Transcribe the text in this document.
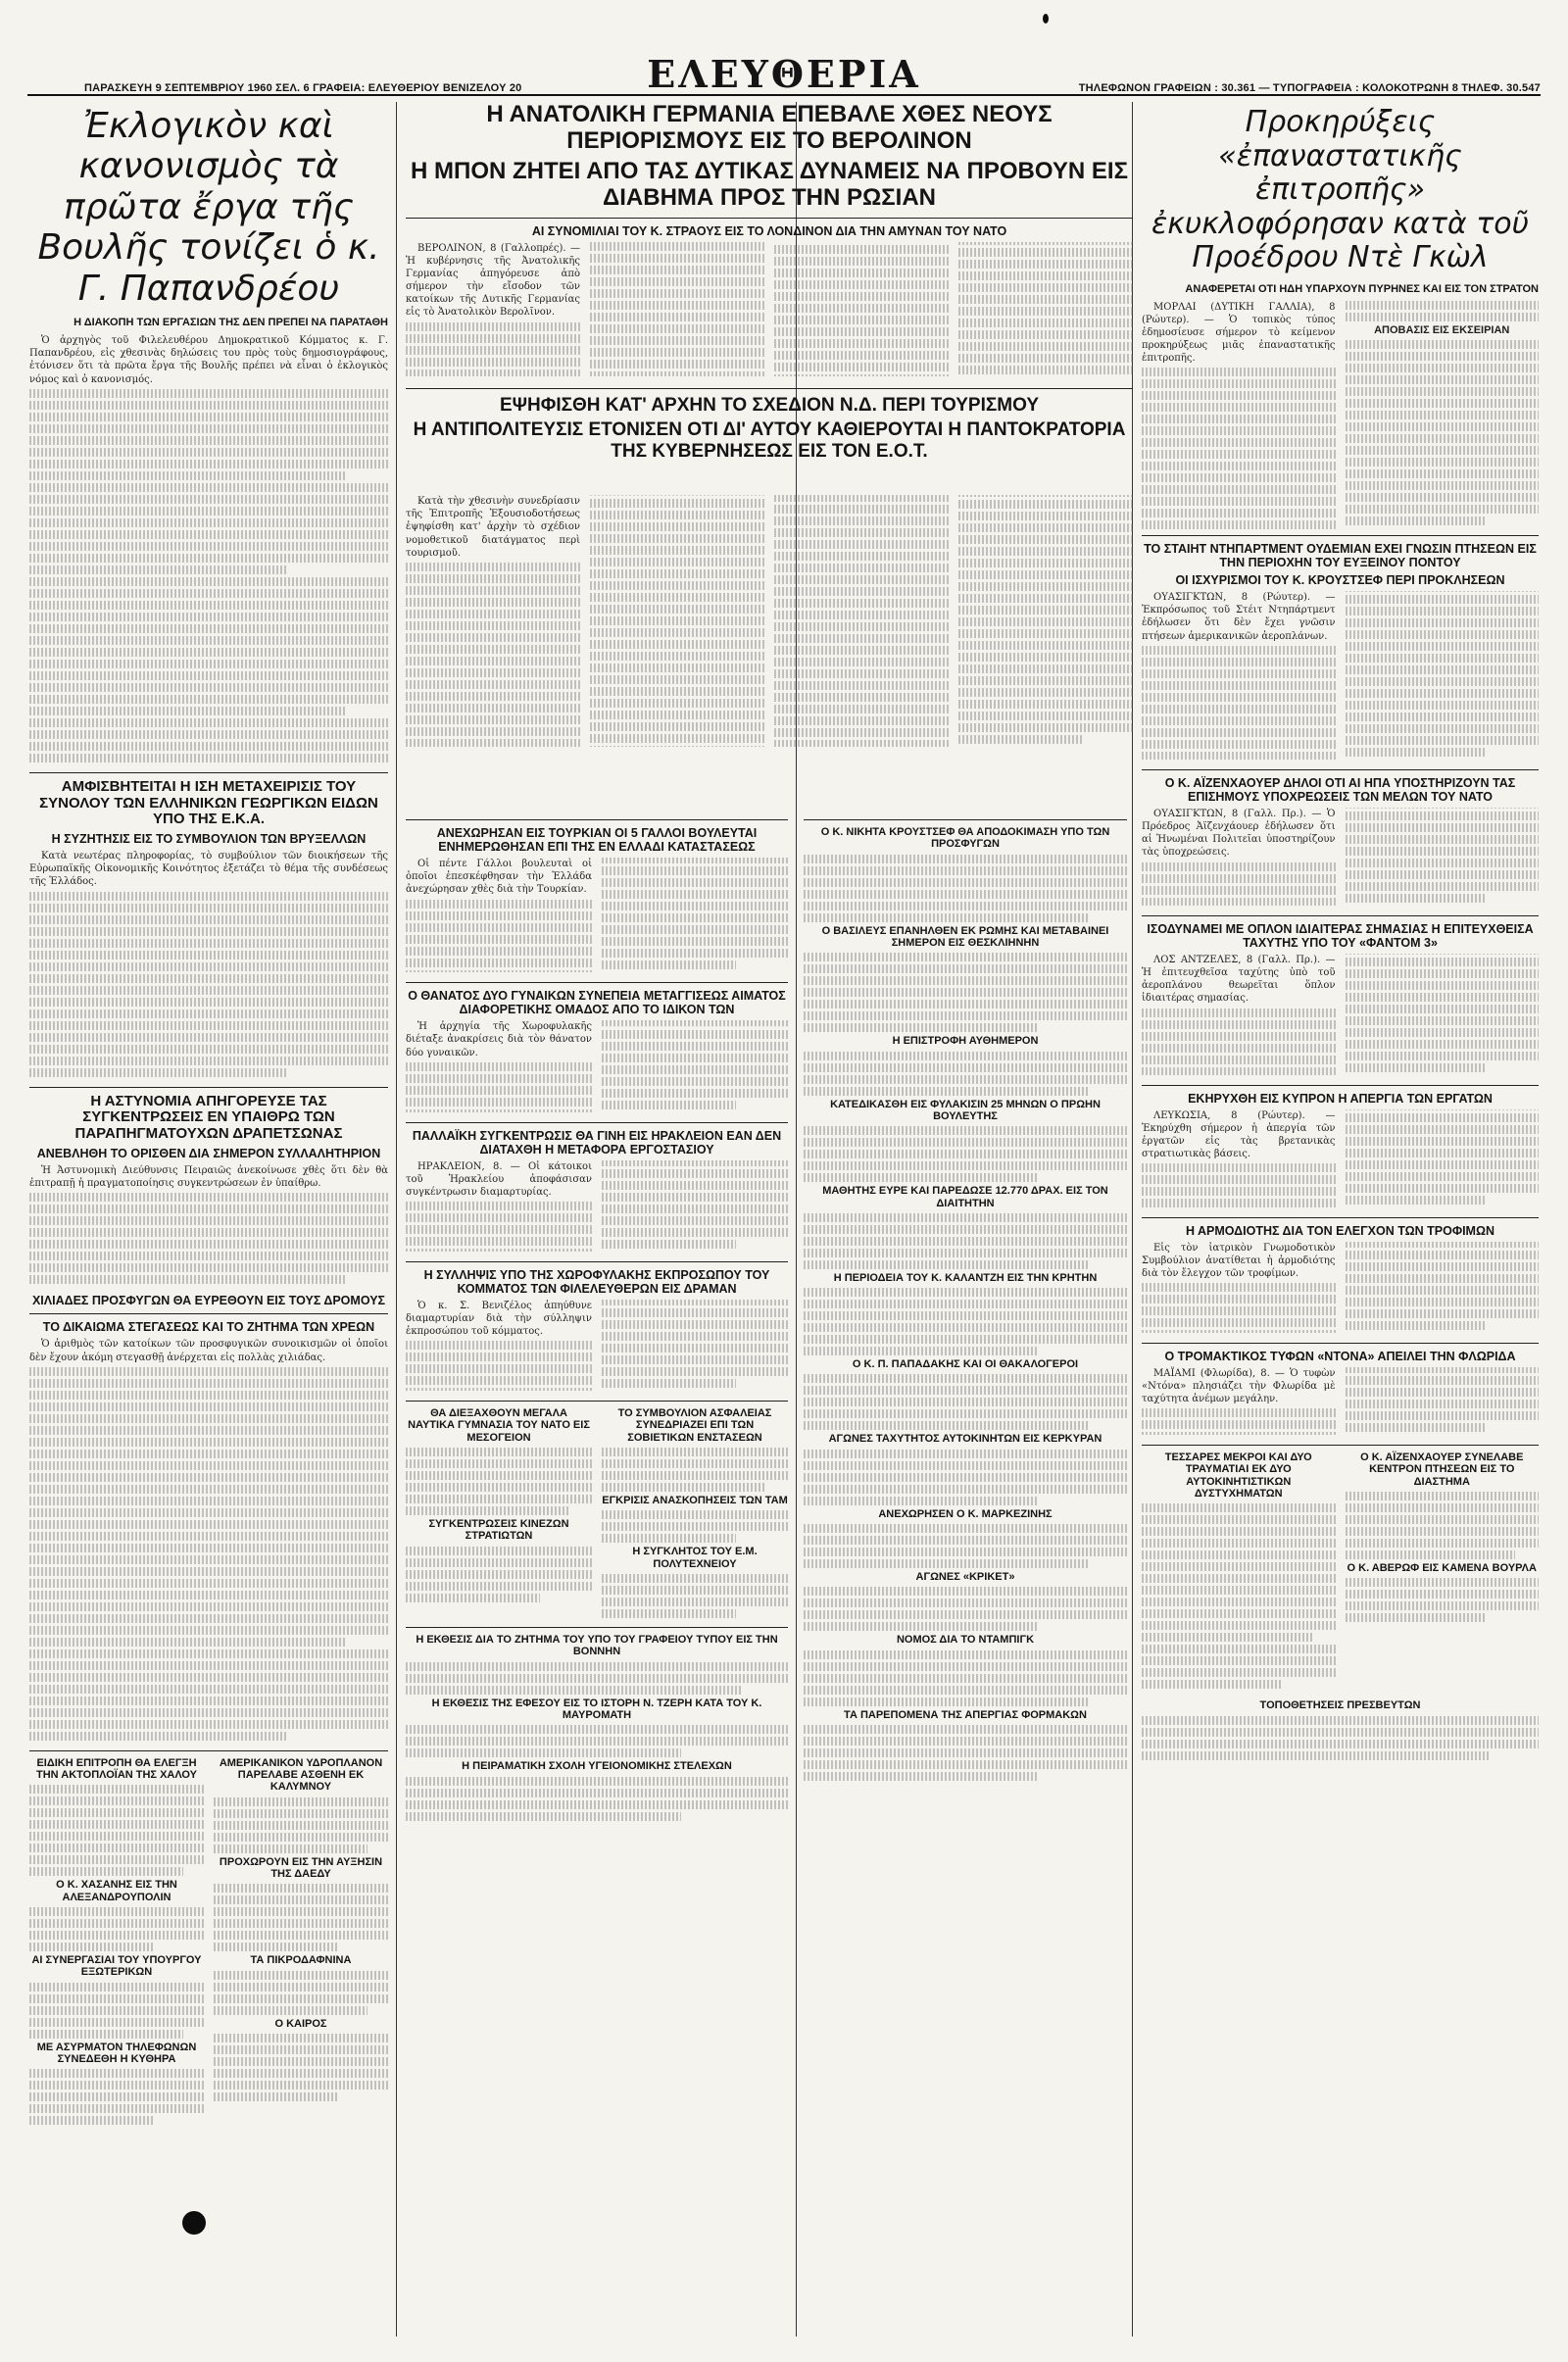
ΠΑΡΑΣΚΕΥΗ 9 ΣΕΠΤΕΜΒΡΙΟΥ 1960 ΣΕΛ. 6 ΓΡΑΦΕΙΑ: ΕΛΕΥΘΕΡΙΟΥ ΒΕΝΙΖΕΛΟΥ 20	ΕΛΕΥΘΕΡΙΑ	ΤΗΛΕΦΩΝΟΝ ΓΡΑΦΕΙΩΝ : 30.361 — ΤΥΠΟΓΡΑΦΕΙΑ : ΚΟΛΟΚΟΤΡΩΝΗ 8 ΤΗΛΕΦ. 30.547
Ἐκλογικὸν καὶ κανονισμὸς τὰ πρῶτα ἔργα τῆς Βουλῆς τονίζει ὁ κ. Γ. Παπανδρέου
Η ΔΙΑΚΟΠΗ ΤΩΝ ΕΡΓΑΣΙΩΝ ΤΗΣ ΔΕΝ ΠΡΕΠΕΙ ΝΑ ΠΑΡΑΤΑΘΗ

Ὁ ἀρχηγὸς τοῦ Φιλελευθέρου Δημοκρατικοῦ Κόμματος κ. Γ. Παπανδρέου, εἰς χθεσινὰς δηλώσεις του πρὸς τοὺς δημοσιογράφους, ἐτόνισεν ὅτι τὰ πρῶτα ἔργα τῆς Βουλῆς πρέπει νὰ εἶναι ὁ ἐκλογικὸς νόμος καὶ ὁ κανονισμός.

ΑΜΦΙΣΒΗΤΕΙΤΑΙ Η ΙΣΗ ΜΕΤΑΧΕΙΡΙΣΙΣ ΤΟΥ ΣΥΝΟΛΟΥ ΤΩΝ ΕΛΛΗΝΙΚΩΝ ΓΕΩΡΓΙΚΩΝ ΕΙΔΩΝ ΥΠΟ ΤΗΣ Ε.Κ.Α.
Η ΣΥΖΗΤΗΣΙΣ ΕΙΣ ΤΟ ΣΥΜΒΟΥΛΙΟΝ ΤΩΝ ΒΡΥΞΕΛΛΩΝ

Κατὰ νεωτέρας πληροφορίας, τὸ συμβούλιον τῶν διοικήσεων τῆς Εὐρωπαϊκῆς Οἰκονομικῆς Κοινότητος ἐξετάζει τὸ θέμα τῆς συνδέσεως τῆς Ἑλλάδος.

Η ΑΣΤΥΝΟΜΙΑ ΑΠΗΓΟΡΕΥΣΕ ΤΑΣ ΣΥΓΚΕΝΤΡΩΣΕΙΣ ΕΝ ΥΠΑΙΘΡΩ ΤΩΝ ΠΑΡΑΠΗΓΜΑΤΟΥΧΩΝ ΔΡΑΠΕΤΣΩΝΑΣ
ΑΝΕΒΛΗΘΗ ΤΟ ΟΡΙΣΘΕΝ ΔΙΑ ΣΗΜΕΡΟΝ ΣΥΛΛΑΛΗΤΗΡΙΟΝ

Ἡ Ἀστυνομικὴ Διεύθυνσις Πειραιῶς ἀνεκοίνωσε χθὲς ὅτι δὲν θὰ ἐπιτραπῇ ἡ πραγματοποίησις συγκεντρώσεων ἐν ὑπαίθρω.

ΧΙΛΙΑΔΕΣ ΠΡΟΣΦΥΓΩΝ ΘΑ ΕΥΡΕΘΟΥΝ ΕΙΣ ΤΟΥΣ ΔΡΟΜΟΥΣ
ΤΟ ΔΙΚΑΙΩΜΑ ΣΤΕΓΑΣΕΩΣ ΚΑΙ ΤΟ ΖΗΤΗΜΑ ΤΩΝ ΧΡΕΩΝ

Ὁ ἀριθμὸς τῶν κατοίκων τῶν προσφυγικῶν συνοικισμῶν οἱ ὁποῖοι δὲν ἔχουν ἀκόμη στεγασθῇ ἀνέρχεται εἰς πολλὰς χιλιάδας.

ΕΙΔΙΚΗ ΕΠΙΤΡΟΠΗ ΘΑ ΕΛΕΓΞΗ ΤΗΝ ΑΚΤΟΠΛΟΪΑΝ ΤΗΣ ΧΑΛΟΥ
Ο Κ. ΧΑΣΑΝΗΣ ΕΙΣ ΤΗΝ ΑΛΕΞΑΝΔΡΟΥΠΟΛΙΝ
ΑΙ ΣΥΝΕΡΓΑΣΙΑΙ ΤΟΥ ΥΠΟΥΡΓΟΥ ΕΞΩΤΕΡΙΚΩΝ
ΜΕ ΑΣΥΡΜΑΤΟΝ ΤΗΛΕΦΩΝΩΝ ΣΥΝΕΔΕΘΗ Η ΚΥΘΗΡΑ
ΑΜΕΡΙΚΑΝΙΚΟΝ ΥΔΡΟΠΛΑΝΟΝ ΠΑΡΕΛΑΒΕ ΑΣΘΕΝΗ ΕΚ ΚΑΛΥΜΝΟΥ
ΠΡΟΧΩΡΟΥΝ ΕΙΣ ΤΗΝ ΑΥΞΗΣΙΝ ΤΗΣ ΔΑΕΔΥ
ΤΑ ΠΙΚΡΟΔΑΦΝΙΝΑ
Ο ΚΑΙΡΟΣ
Η ΑΝΑΤΟΛΙΚΗ ΓΕΡΜΑΝΙΑ ΕΠΕΒΑΛΕ ΧΘΕΣ ΝΕΟΥΣ ΠΕΡΙΟΡΙΣΜΟΥΣ ΕΙΣ ΤΟ ΒΕΡΟΛΙΝΟΝ
Η ΜΠΟΝ ΖΗΤΕΙ ΑΠΟ ΤΑΣ ΔΥΤΙΚΑΣ ΔΥΝΑΜΕΙΣ ΝΑ ΠΡΟΒΟΥΝ ΕΙΣ ΔΙΑΒΗΜΑ ΠΡΟΣ ΤΗΝ ΡΩΣΙΑΝ
ΑΙ ΣΥΝΟΜΙΛΙΑΙ ΤΟΥ Κ. ΣΤΡΑΟΥΣ ΕΙΣ ΤΟ ΛΟΝΔΙΝΟΝ ΔΙΑ ΤΗΝ ΑΜΥΝΑΝ ΤΟΥ ΝΑΤΟ

ΒΕΡΟΛΙΝΟΝ, 8 (Γαλλοπρές). — Ἡ κυβέρνησις τῆς Ἀνατολικῆς Γερμανίας ἀπηγόρευσε ἀπὸ σήμερον τὴν εἴσοδον τῶν κατοίκων τῆς Δυτικῆς Γερμανίας εἰς τὸ Ἀνατολικὸν Βερολῖνον.

Προκηρύξεις «ἐπαναστατικῆς ἐπιτροπῆς» ἐκυκλοφόρησαν κατὰ τοῦ Προέδρου Ντὲ Γκὼλ
ΑΝΑΦΕΡΕΤΑΙ ΟΤΙ ΗΔΗ ΥΠΑΡΧΟΥΝ ΠΥΡΗΝΕΣ ΚΑΙ ΕΙΣ ΤΟΝ ΣΤΡΑΤΟΝ

ΜΟΡΛΑΙ (ΔΥΤΙΚΗ ΓΑΛΛΙΑ), 8 (Ρώυτερ). — Ὁ τοπικὸς τύπος ἐδημοσίευσε σήμερον τὸ κείμενον προκηρύξεως μιᾶς ἐπαναστατικῆς ἐπιτροπῆς.

ΑΠΟΒΑΣΙΣ ΕΙΣ ΕΚΣΕΙΡΙΑΝ
ΤΟ ΣΤΑΙΗΤ ΝΤΗΠΑΡΤΜΕΝΤ ΟΥΔΕΜΙΑΝ ΕΧΕΙ ΓΝΩΣΙΝ ΠΤΗΣΕΩΝ ΕΙΣ ΤΗΝ ΠΕΡΙΟΧΗΝ ΤΟΥ ΕΥΞΕΙΝΟΥ ΠΟΝΤΟΥ
ΟΙ ΙΣΧΥΡΙΣΜΟΙ ΤΟΥ Κ. ΚΡΟΥΣΤΣΕΦ ΠΕΡΙ ΠΡΟΚΛΗΣΕΩΝ

ΟΥΑΣΙΓΚΤΩΝ, 8 (Ρώυτερ). — Ἐκπρόσωπος τοῦ Στέιτ Ντηπάρτμεντ ἐδήλωσεν ὅτι δὲν ἔχει γνῶσιν πτήσεων ἀμερικανικῶν ἀεροπλάνων.

Ο Κ. ΑΪΖΕΝΧΑΟΥΕΡ ΔΗΛΟΙ ΟΤΙ ΑΙ ΗΠΑ ΥΠΟΣΤΗΡΙΖΟΥΝ ΤΑΣ ΕΠΙΣΗΜΟΥΣ ΥΠΟΧΡΕΩΣΕΙΣ ΤΩΝ ΜΕΛΩΝ ΤΟΥ ΝΑΤΟ

ΟΥΑΣΙΓΚΤΩΝ, 8 (Γαλλ. Πρ.). — Ὁ Πρόεδρος Ἀϊζενχάουερ ἐδήλωσεν ὅτι αἱ Ἡνωμέναι Πολιτεῖαι ὑποστηρίζουν τὰς ὑποχρεώσεις.

ΙΣΟΔΥΝΑΜΕΙ ΜΕ ΟΠΛΟΝ ΙΔΙΑΙΤΕΡΑΣ ΣΗΜΑΣΙΑΣ Η ΕΠΙΤΕΥΧΘΕΙΣΑ ΤΑΧΥΤΗΣ ΥΠΟ ΤΟΥ «ΦΑΝΤΟΜ 3»

ΛΟΣ ΑΝΤΖΕΛΕΣ, 8 (Γαλλ. Πρ.). — Ἡ ἐπιτευχθεῖσα ταχύτης ὑπὸ τοῦ ἀεροπλάνου θεωρεῖται ὅπλον ἰδιαιτέρας σημασίας.

ΕΚΗΡΥΧΘΗ ΕΙΣ ΚΥΠΡΟΝ Η ΑΠΕΡΓΙΑ ΤΩΝ ΕΡΓΑΤΩΝ

ΛΕΥΚΩΣΙΑ, 8 (Ρώυτερ). — Ἐκηρύχθη σήμερον ἡ ἀπεργία τῶν ἐργατῶν εἰς τὰς βρετανικὰς στρατιωτικὰς βάσεις.

Η ΑΡΜΟΔΙΟΤΗΣ ΔΙΑ ΤΟΝ ΕΛΕΓΧΟΝ ΤΩΝ ΤΡΟΦΙΜΩΝ

Εἰς τὸν ἰατρικὸν Γνωμοδοτικὸν Συμβούλιον ἀνατίθεται ἡ ἁρμοδιότης διὰ τὸν ἔλεγχον τῶν τροφίμων.

Ο ΤΡΟΜΑΚΤΙΚΟΣ ΤΥΦΩΝ «ΝΤΟΝΑ» ΑΠΕΙΛΕΙ ΤΗΝ ΦΛΩΡΙΔΑ

ΜΑΪΑΜΙ (Φλωρίδα), 8. — Ὁ τυφὼν «Ντόνα» πλησιάζει τὴν Φλωρίδα μὲ ταχύτητα ἀνέμων μεγάλην.

ΤΕΣΣΑΡΕΣ ΜΕΚΡΟΙ ΚΑΙ ΔΥΟ ΤΡΑΥΜΑΤΙΑΙ ΕΚ ΔΥΟ ΑΥΤΟΚΙΝΗΤΙΣΤΙΚΩΝ ΔΥΣΤΥΧΗΜΑΤΩΝ
Ο Κ. ΑΪΖΕΝΧΑΟΥΕΡ ΣΥΝΕΛΑΒΕ ΚΕΝΤΡΟΝ ΠΤΗΣΕΩΝ ΕΙΣ ΤΟ ΔΙΑΣΤΗΜΑ
Ο Κ. ΑΒΕΡΩΦ ΕΙΣ ΚΑΜΕΝΑ ΒΟΥΡΛΑ
ΤΟΠΟΘΕΤΗΣΕΙΣ ΠΡΕΣΒΕΥΤΩΝ
ΕΨΗΦΙΣΘΗ ΚΑΤ' ΑΡΧΗΝ ΤΟ ΣΧΕΔΙΟΝ Ν.Δ. ΠΕΡΙ ΤΟΥΡΙΣΜΟΥ
Η ΑΝΤΙΠΟΛΙΤΕΥΣΙΣ ΕΤΟΝΙΣΕΝ ΟΤΙ ΔΙ' ΑΥΤΟΥ ΚΑΘΙΕΡΟΥΤΑΙ Η ΠΑΝΤΟΚΡΑΤΟΡΙΑ ΤΗΣ ΚΥΒΕΡΝΗΣΕΩΣ ΕΙΣ ΤΟΝ Ε.Ο.Τ.

Κατὰ τὴν χθεσινὴν συνεδρίασιν τῆς Ἐπιτροπῆς Ἐξουσιοδοτήσεως ἐψηφίσθη κατ' ἀρχὴν τὸ σχέδιον νομοθετικοῦ διατάγματος περὶ τουρισμοῦ.

ΑΝΕΧΩΡΗΣΑΝ ΕΙΣ ΤΟΥΡΚΙΑΝ ΟΙ 5 ΓΑΛΛΟΙ ΒΟΥΛΕΥΤΑΙ ΕΝΗΜΕΡΩΘΗΣΑΝ ΕΠΙ ΤΗΣ ΕΝ ΕΛΛΑΔΙ ΚΑΤΑΣΤΑΣΕΩΣ

Οἱ πέντε Γάλλοι βουλευταὶ οἱ ὁποῖοι ἐπεσκέφθησαν τὴν Ἑλλάδα ἀνεχώρησαν χθὲς διὰ τὴν Τουρκίαν.

Ο ΘΑΝΑΤΟΣ ΔΥΟ ΓΥΝΑΙΚΩΝ ΣΥΝΕΠΕΙΑ ΜΕΤΑΓΓΙΣΕΩΣ ΑΙΜΑΤΟΣ ΔΙΑΦΟΡΕΤΙΚΗΣ ΟΜΑΔΟΣ ΑΠΟ ΤΟ ΙΔΙΚΟΝ ΤΩΝ

Ἡ ἀρχηγία τῆς Χωροφυλακῆς διέταξε ἀνακρίσεις διὰ τὸν θάνατον δύο γυναικῶν.

ΠΑΛΛΑΪΚΗ ΣΥΓΚΕΝΤΡΩΣΙΣ ΘΑ ΓΙΝΗ ΕΙΣ ΗΡΑΚΛΕΙΟΝ ΕΑΝ ΔΕΝ ΔΙΑΤΑΧΘΗ Η ΜΕΤΑΦΟΡΑ ΕΡΓΟΣΤΑΣΙΟΥ

ΗΡΑΚΛΕΙΟΝ, 8. — Οἱ κάτοικοι τοῦ Ἡρακλείου ἀποφάσισαν συγκέντρωσιν διαμαρτυρίας.

Η ΣΥΛΛΗΨΙΣ ΥΠΟ ΤΗΣ ΧΩΡΟΦΥΛΑΚΗΣ ΕΚΠΡΟΣΩΠΟΥ ΤΟΥ ΚΟΜΜΑΤΟΣ ΤΩΝ ΦΙΛΕΛΕΥΘΕΡΩΝ ΕΙΣ ΔΡΑΜΑΝ

Ὁ κ. Σ. Βενιζέλος ἀπηύθυνε διαμαρτυρίαν διὰ τὴν σύλληψιν ἐκπροσώπου τοῦ κόμματος.

ΘΑ ΔΙΕΞΑΧΘΟΥΝ ΜΕΓΑΛΑ ΝΑΥΤΙΚΑ ΓΥΜΝΑΣΙΑ ΤΟΥ ΝΑΤΟ ΕΙΣ ΜΕΣΟΓΕΙΟΝ
ΣΥΓΚΕΝΤΡΩΣΕΙΣ ΚΙΝΕΖΩΝ ΣΤΡΑΤΙΩΤΩΝ
ΤΟ ΣΥΜΒΟΥΛΙΟΝ ΑΣΦΑΛΕΙΑΣ ΣΥΝΕΔΡΙΑΖΕΙ ΕΠΙ ΤΩΝ ΣΟΒΙΕΤΙΚΩΝ ΕΝΣΤΑΣΕΩΝ
ΕΓΚΡΙΣΙΣ ΑΝΑΣΚΟΠΗΣΕΙΣ ΤΩΝ ΤΑΜ
Η ΣΥΓΚΛΗΤΟΣ ΤΟΥ Ε.Μ. ΠΟΛΥΤΕΧΝΕΙΟΥ
Η ΕΚΘΕΣΙΣ ΔΙΑ ΤΟ ΖΗΤΗΜΑ ΤΟΥ ΥΠΟ ΤΟΥ ΓΡΑΦΕΙΟΥ ΤΥΠΟΥ ΕΙΣ ΤΗΝ ΒΟΝΝΗΝ
Η ΕΚΘΕΣΙΣ ΤΗΣ ΕΦΕΣΟΥ ΕΙΣ ΤΟ ΙΣΤΟΡΗ Ν. ΤΖΕΡΗ ΚΑΤΑ ΤΟΥ Κ. ΜΑΥΡΟΜΑΤΗ
Η ΠΕΙΡΑΜΑΤΙΚΗ ΣΧΟΛΗ ΥΓΕΙΟΝΟΜΙΚΗΣ ΣΤΕΛΕΧΩΝ
Ο Κ. ΝΙΚΗΤΑ ΚΡΟΥΣΤΣΕΦ ΘΑ ΑΠΟΔΟΚΙΜΑΣΗ ΥΠΟ ΤΩΝ ΠΡΟΣΦΥΓΩΝ
Ο ΒΑΣΙΛΕΥΣ ΕΠΑΝΗΛΘΕΝ ΕΚ ΡΩΜΗΣ ΚΑΙ ΜΕΤΑΒΑΙΝΕΙ ΣΗΜΕΡΟΝ ΕΙΣ ΘΕΣΚΛΙΗΝΗΝ
Η ΕΠΙΣΤΡΟΦΗ ΑΥΘΗΜΕΡΟΝ
ΚΑΤΕΔΙΚΑΣΘΗ ΕΙΣ ΦΥΛΑΚΙΣΙΝ 25 ΜΗΝΩΝ Ο ΠΡΩΗΝ ΒΟΥΛΕΥΤΗΣ
ΜΑΘΗΤΗΣ ΕΥΡΕ ΚΑΙ ΠΑΡΕΔΩΣΕ 12.770 ΔΡΑΧ. ΕΙΣ ΤΟΝ ΔΙΑΙΤΗΤΗΝ
Η ΠΕΡΙΟΔΕΙΑ ΤΟΥ Κ. ΚΑΛΑΝΤΖΗ ΕΙΣ ΤΗΝ ΚΡΗΤΗΝ
Ο Κ. Π. ΠΑΠΑΔΑΚΗΣ ΚΑΙ ΟΙ ΘΑΚΑΛΟΓΕΡΟΙ
ΑΓΩΝΕΣ ΤΑΧΥΤΗΤΟΣ ΑΥΤΟΚΙΝΗΤΩΝ ΕΙΣ ΚΕΡΚΥΡΑΝ
ΑΝΕΧΩΡΗΣΕΝ Ο Κ. ΜΑΡΚΕΖΙΝΗΣ
ΑΓΩΝΕΣ «ΚΡΙΚΕΤ»
ΝΟΜΟΣ ΔΙΑ ΤΟ ΝΤΑΜΠΙΓΚ
ΤΑ ΠΑΡΕΠΟΜΕΝΑ ΤΗΣ ΑΠΕΡΓΙΑΣ ΦΟΡΜΑΚΩΝ
